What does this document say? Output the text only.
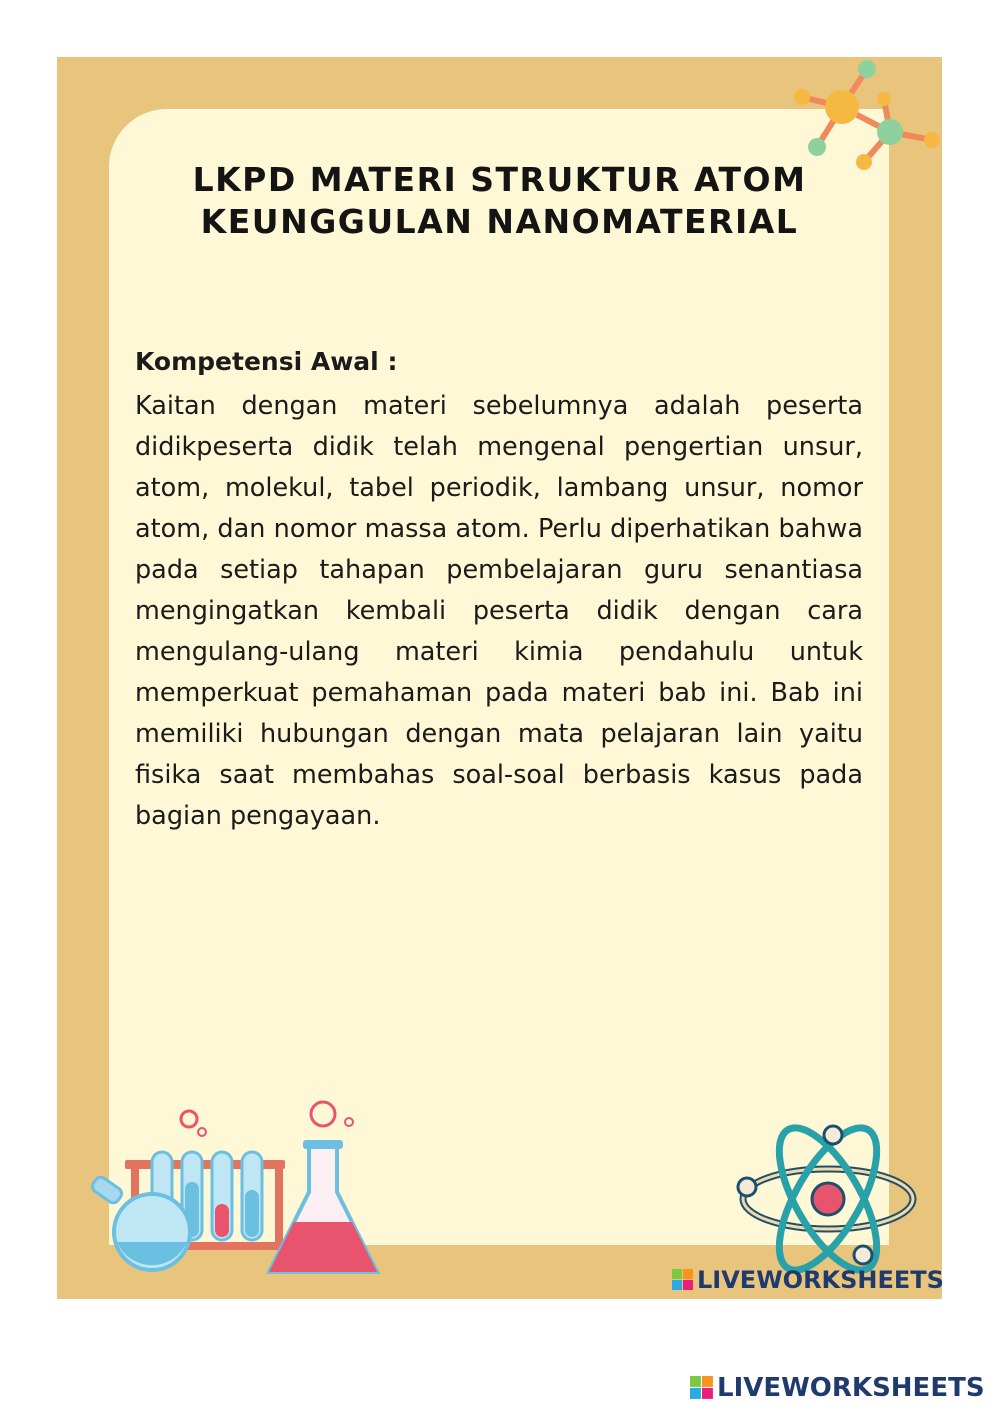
LKPD MATERI STRUKTUR ATOM
KEUNGGULAN NANOMATERIAL
Kompetensi Awal :
Kaitan dengan materi sebelumnya adalah peserta didikpeserta didik telah mengenal pengertian unsur, atom, molekul, tabel periodik, lambang unsur, nomor atom, dan nomor massa atom. Perlu diperhatikan bahwa pada setiap tahapan pembelajaran guru senantiasa mengingatkan kembali peserta didik dengan cara mengulang-ulang materi kimia pendahulu untuk memperkuat pemahaman pada materi bab ini. Bab ini memiliki hubungan dengan mata pelajaran lain yaitu fisika saat membahas soal-soal berbasis kasus pada bagian pengayaan.
LIVEWORKSHEETS
LIVEWORKSHEETS
